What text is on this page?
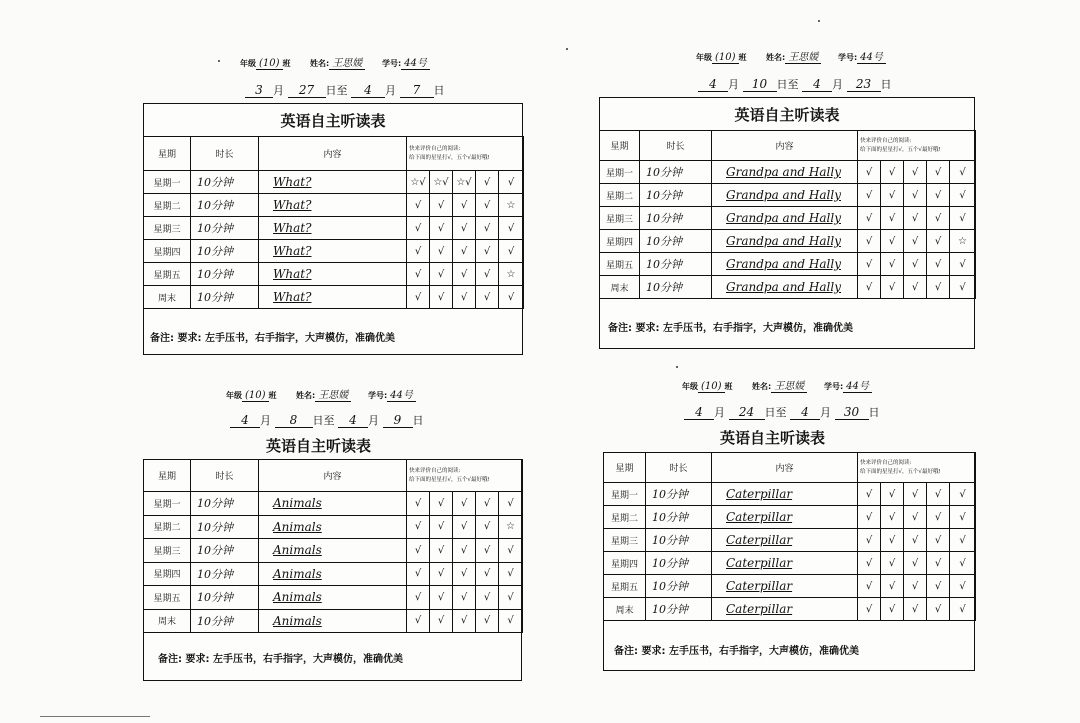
年级 (10) 班 姓名: 王思媛 学号: 44号
3 月 27 日至 4 月 7 日
英语自主听读表
星期	时长	内容	快来评价自己的阅读:
给下面的星星打√，五个√最好哦!				

星期一	10分钟	What?	☆√	☆√	☆√	√	√
星期二	10分钟	What?	√	√	√	√	☆
星期三	10分钟	What?	√	√	√	√	√
星期四	10分钟	What?	√	√	√	√	√
星期五	10分钟	What?	√	√	√	√	☆
周末	10分钟	What?	√	√	√	√	√
备注: 要求: 左手压书，右手指字，大声模仿，准确优美
年级 (10) 班 姓名: 王思媛 学号: 44号
4 月 10 日至 4 月 23 日
英语自主听读表
星期	时长	内容	快来评价自己的阅读:
给下面的星星打√，五个√最好哦!				

星期一	10分钟	Grandpa and Hally	√	√	√	√	√
星期二	10分钟	Grandpa and Hally	√	√	√	√	√
星期三	10分钟	Grandpa and Hally	√	√	√	√	√
星期四	10分钟	Grandpa and Hally	√	√	√	√	☆
星期五	10分钟	Grandpa and Hally	√	√	√	√	√
周末	10分钟	Grandpa and Hally	√	√	√	√	√
备注: 要求: 左手压书，右手指字，大声模仿，准确优美
年级 (10) 班 姓名: 王思媛 学号: 44号
4 月 8 日至 4 月 9 日
英语自主听读表
星期	时长	内容	快来评价自己的阅读:
给下面的星星打√，五个√最好哦!				

星期一	10分钟	Animals	√	√	√	√	√
星期二	10分钟	Animals	√	√	√	√	☆
星期三	10分钟	Animals	√	√	√	√	√
星期四	10分钟	Animals	√	√	√	√	√
星期五	10分钟	Animals	√	√	√	√	√
周末	10分钟	Animals	√	√	√	√	√
备注: 要求: 左手压书，右手指字，大声模仿，准确优美
年级 (10) 班 姓名: 王思媛 学号: 44号
4 月 24 日至 4 月 30 日
英语自主听读表
星期	时长	内容	快来评价自己的阅读:
给下面的星星打√，五个√最好哦!				

星期一	10分钟	Caterpillar	√	√	√	√	√
星期二	10分钟	Caterpillar	√	√	√	√	√
星期三	10分钟	Caterpillar	√	√	√	√	√
星期四	10分钟	Caterpillar	√	√	√	√	√
星期五	10分钟	Caterpillar	√	√	√	√	√
周末	10分钟	Caterpillar	√	√	√	√	√
备注: 要求: 左手压书，右手指字，大声模仿，准确优美
